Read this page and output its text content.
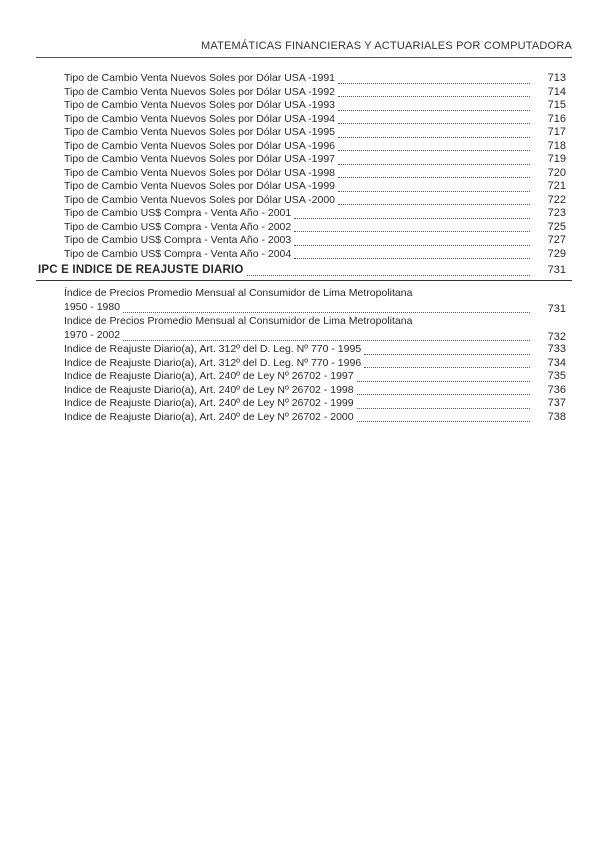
MATEMÁTICAS FINANCIERAS Y ACTUARIALES POR COMPUTADORA
Tipo de Cambio Venta Nuevos Soles por Dólar USA -1991	713
Tipo de Cambio Venta Nuevos Soles por Dólar USA -1992	714
Tipo de Cambio Venta Nuevos Soles por Dólar USA -1993	715
Tipo de Cambio Venta Nuevos Soles por Dólar USA -1994	716
Tipo de Cambio Venta Nuevos Soles por Dólar USA -1995	717
Tipo de Cambio Venta Nuevos Soles por Dólar USA -1996	718
Tipo de Cambio Venta Nuevos Soles por Dólar USA -1997	719
Tipo de Cambio Venta Nuevos Soles por Dólar USA -1998	720
Tipo de Cambio Venta Nuevos Soles por Dólar USA -1999	721
Tipo de Cambio Venta Nuevos Soles por Dólar USA -2000	722
Tipo de Cambio US$ Compra - Venta Año - 2001	723
Tipo de Cambio US$ Compra - Venta Año - 2002	725
Tipo de Cambio US$ Compra - Venta Año - 2003	727
Tipo de Cambio US$ Compra - Venta Año - 2004	729
IPC E INDICE DE REAJUSTE DIARIO	731
Índice de Precios Promedio Mensual al Consumidor de Lima Metropolitana
1950 - 1980	731
Indice de Precios Promedio Mensual al Consumidor de Lima Metropolitana
1970 - 2002	732
Indice de Reajuste Diario(a), Art. 312º del D. Leg. Nº 770 - 1995	733
Indice de Reajuste Diario(a), Art. 312º del D. Leg. Nº 770 - 1996	734
Indice de Reajuste Diario(a), Art. 240º de Ley Nº 26702 - 1997	735
Indice de Reajuste Diario(a), Art. 240º de Ley Nº 26702 - 1998	736
Indice de Reajuste Diario(a), Art. 240º de Ley Nº 26702 - 1999	737
Indice de Reajuste Diario(a), Art. 240º de Ley Nº 26702 - 2000	738
